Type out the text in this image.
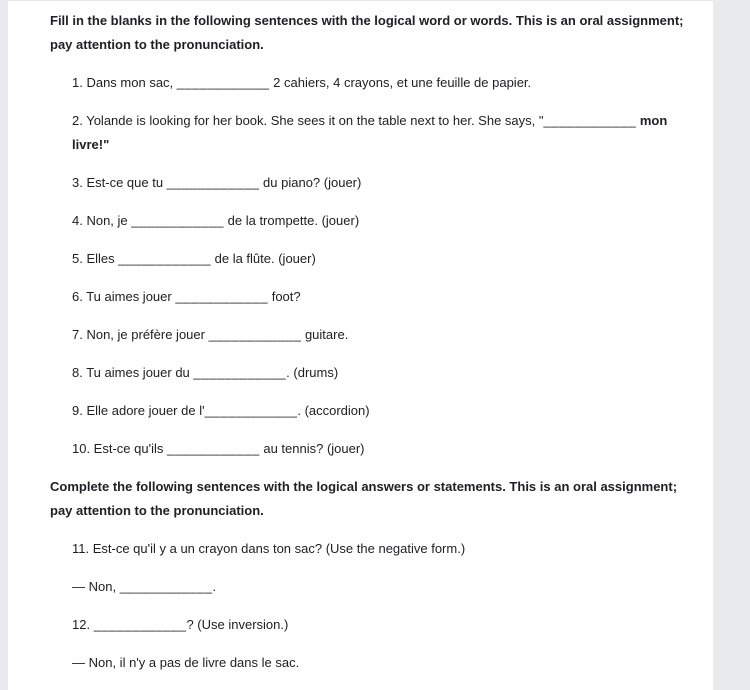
Fill in the blanks in the following sentences with the logical word or words. This is an oral assignment; pay attention to the pronunciation.

1. Dans mon sac, ____________ 2 cahiers, 4 crayons, et une feuille de papier.

2. Yolande is looking for her book. She sees it on the table next to her. She says, "____________ mon livre!"

3. Est-ce que tu ____________ du piano? (jouer)

4. Non, je ____________ de la trompette. (jouer)

5. Elles ____________ de la flûte. (jouer)

6. Tu aimes jouer ____________ foot?

7. Non, je préfère jouer ____________ guitare.

8. Tu aimes jouer du ____________. (drums)

9. Elle adore jouer de l'____________. (accordion)

10. Est-ce qu'ils ____________ au tennis? (jouer)

Complete the following sentences with the logical answers or statements. This is an oral assignment; pay attention to the pronunciation.

11. Est-ce qu'il y a un crayon dans ton sac? (Use the negative form.)

— Non, ____________.

12. ____________? (Use inversion.)

— Non, il n'y a pas de livre dans le sac.
